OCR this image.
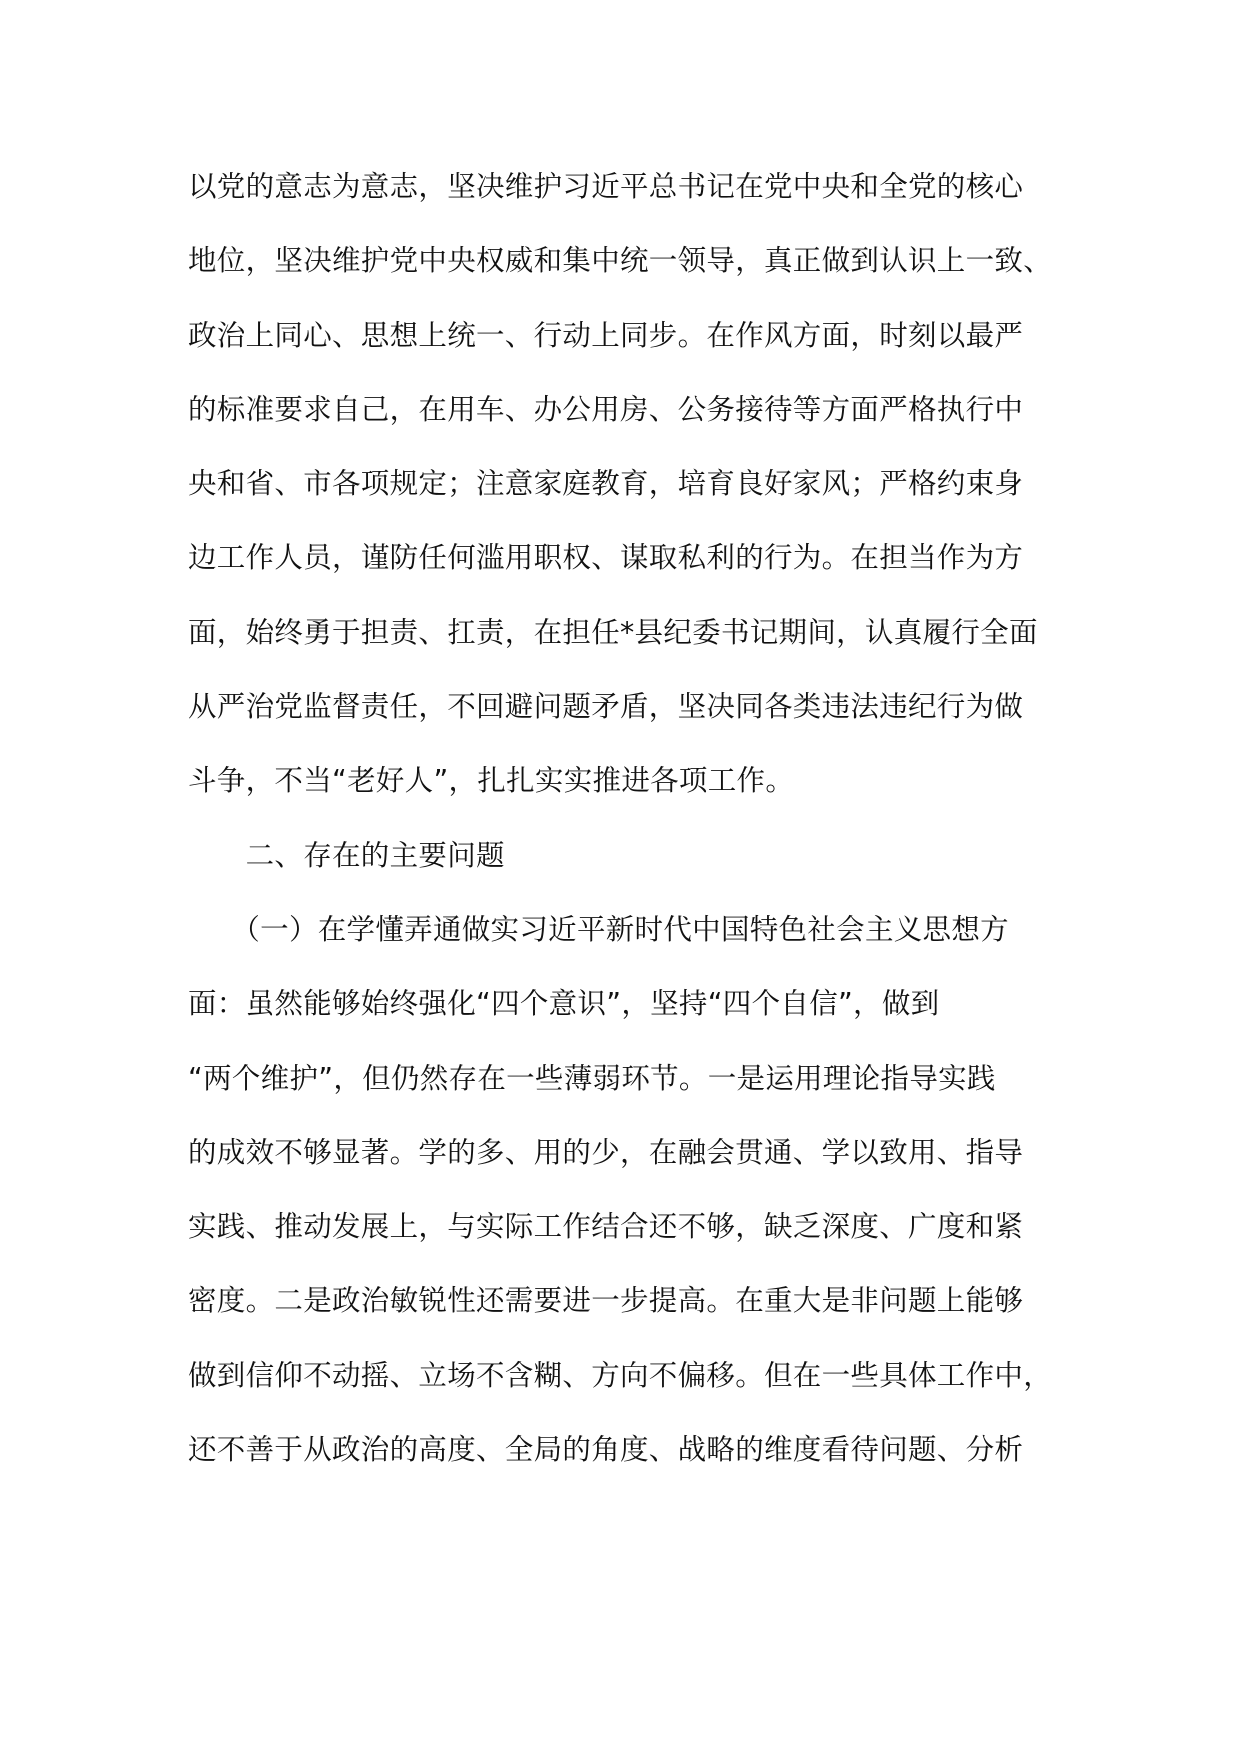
以党的意志为意志，坚决维护习近平总书记在党中央和全党的核心
地位，坚决维护党中央权威和集中统一领导，真正做到认识上一致、
政治上同心、思想上统一、行动上同步。在作风方面，时刻以最严
的标准要求自己，在用车、办公用房、公务接待等方面严格执行中
央和省、市各项规定；注意家庭教育，培育良好家风；严格约束身
边工作人员，谨防任何滥用职权、谋取私利的行为。在担当作为方
面，始终勇于担责、扛责，在担任*县纪委书记期间，认真履行全面
从严治党监督责任，不回避问题矛盾，坚决同各类违法违纪行为做
斗争，不当“老好人”，扎扎实实推进各项工作。
　　二、存在的主要问题
　　（一）在学懂弄通做实习近平新时代中国特色社会主义思想方
面：虽然能够始终强化“四个意识”，坚持“四个自信”，做到
“两个维护”，但仍然存在一些薄弱环节。一是运用理论指导实践
的成效不够显著。学的多、用的少，在融会贯通、学以致用、指导
实践、推动发展上，与实际工作结合还不够，缺乏深度、广度和紧
密度。二是政治敏锐性还需要进一步提高。在重大是非问题上能够
做到信仰不动摇、立场不含糊、方向不偏移。但在一些具体工作中，
还不善于从政治的高度、全局的角度、战略的维度看待问题、分析
